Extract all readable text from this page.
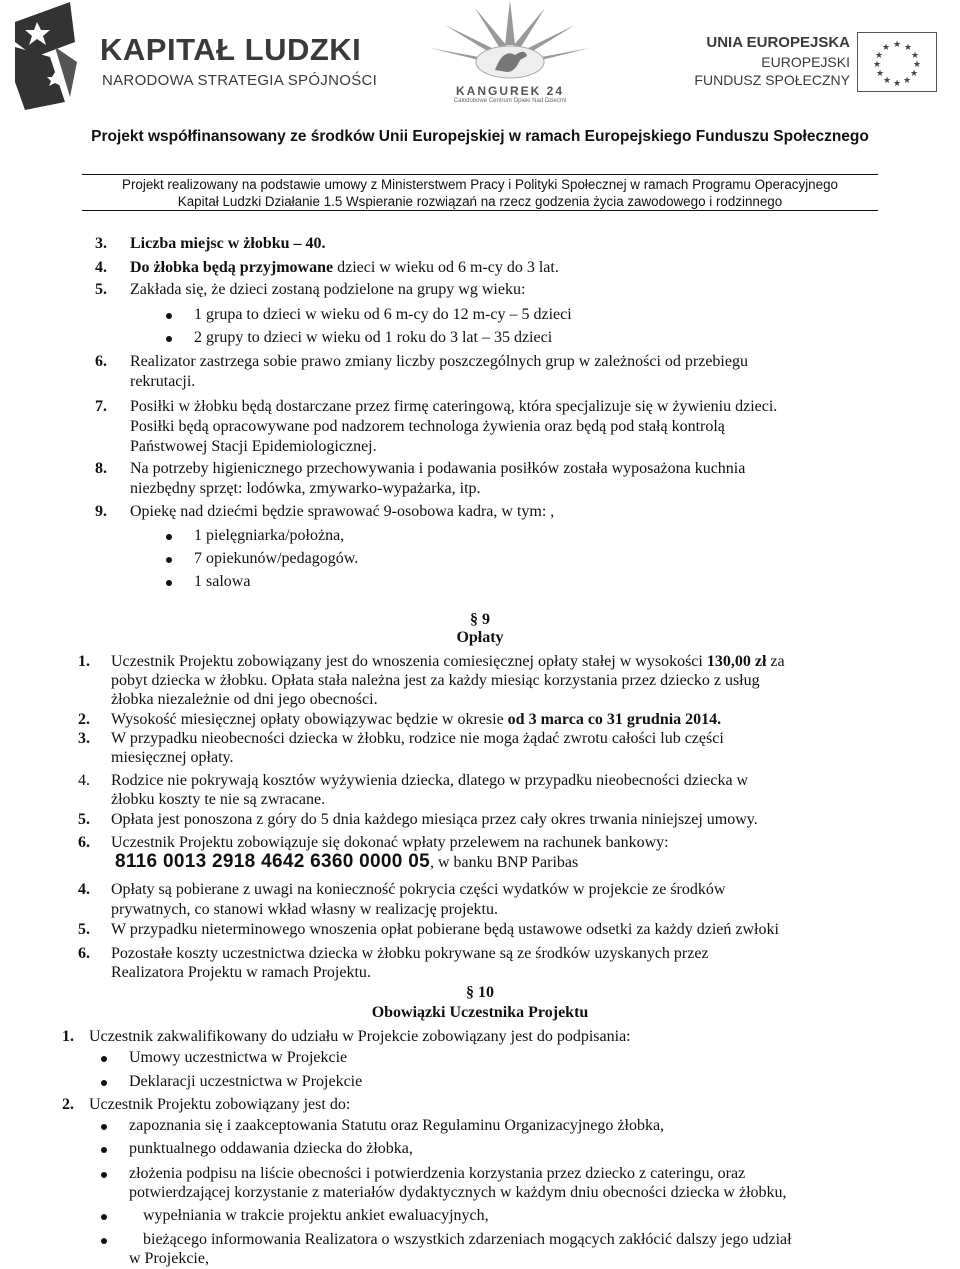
KAPITAŁ LUDZKI
NARODOWA STRATEGIA SPÓJNOŚCI
KANGUREK 24
Całodobowe Centrum Opieki Nad Dziećmi
UNIA EUROPEJSKA
EUROPEJSKI
FUNDUSZ SPOŁECZNY
★ ★
★
★
★
★
★
★
★
★
★
★
Projekt współfinansowany ze środków Unii Europejskiej w ramach Europejskiego Funduszu Społecznego
Projekt realizowany na podstawie umowy z Ministerstwem Pracy i Polityki Społecznej w ramach Programu Operacyjnego
Kapitał Ludzki Działanie 1.5 Wspieranie rozwiązań na rzecz godzenia życia zawodowego i rodzinnego
3. Liczba miejsc w żłobku – 40.
4. Do żłobka będą przyjmowane dzieci w wieku od 6 m-cy do 3 lat.
5. Zakłada się, że dzieci zostaną podzielone na grupy wg wieku:
1 grupa to dzieci w wieku od 6 m-cy do 12 m-cy – 5 dzieci
2 grupy to dzieci w wieku od 1 roku do 3 lat – 35 dzieci
6. Realizator zastrzega sobie prawo zmiany liczby poszczególnych grup w zależności od przebiegu
rekrutacji.
7. Posiłki w żłobku będą dostarczane przez firmę cateringową, która specjalizuje się w żywieniu dzieci.
Posiłki będą opracowywane pod nadzorem technologa żywienia oraz będą pod stałą kontrolą
Państwowej Stacji Epidemiologicznej.
8. Na potrzeby higienicznego przechowywania i podawania posiłków została wyposażona kuchnia
niezbędny sprzęt: lodówka, zmywarko-wypażarka, itp.
9. Opiekę nad dziećmi będzie sprawować 9-osobowa kadra, w tym: ,
1 pielęgniarka/położna,
7 opiekunów/pedagogów.
1 salowa
§ 9
Opłaty
1. Uczestnik Projektu zobowiązany jest do wnoszenia comiesięcznej opłaty stałej w wysokości 130,00 zł za
pobyt dziecka w żłobku. Opłata stała należna jest za każdy miesiąc korzystania przez dziecko z usług
żłobka niezależnie od dni jego obecności.
2. Wysokość miesięcznej opłaty obowiązywac będzie w okresie od 3 marca co 31 grudnia 2014.
3. W przypadku nieobecności dziecka w żłobku, rodzice nie moga żądać zwrotu całości lub części
miesięcznej opłaty.
4. Rodzice nie pokrywają kosztów wyżywienia dziecka, dlatego w przypadku nieobecności dziecka w
żłobku koszty te nie są zwracane.
5. Opłata jest ponoszona z góry do 5 dnia każdego miesiąca przez cały okres trwania niniejszej umowy.
6. Uczestnik Projektu zobowiązuje się dokonać wpłaty przelewem na rachunek bankowy:
8116 0013 2918 4642 6360 0000 05, w banku BNP Paribas
4. Opłaty są pobierane z uwagi na konieczność pokrycia części wydatków w projekcie ze środków
prywatnych, co stanowi wkład własny w realizację projektu.
5. W przypadku nieterminowego wnoszenia opłat pobierane będą ustawowe odsetki za każdy dzień zwłoki
6. Pozostałe koszty uczestnictwa dziecka w żłobku pokrywane są ze środków uzyskanych przez
Realizatora Projektu w ramach Projektu.
§ 10
Obowiązki Uczestnika Projektu
1. Uczestnik zakwalifikowany do udziału w Projekcie zobowiązany jest do podpisania:
Umowy uczestnictwa w Projekcie
Deklaracji uczestnictwa w Projekcie
2. Uczestnik Projektu zobowiązany jest do:
zapoznania się i zaakceptowania Statutu oraz Regulaminu Organizacyjnego żłobka,
punktualnego oddawania dziecka do żłobka,
złożenia podpisu na liście obecności i potwierdzenia korzystania przez dziecko z cateringu, oraz
potwierdzającej korzystanie z materiałów dydaktycznych w każdym dniu obecności dziecka w żłobku,
wypełniania w trakcie projektu ankiet ewaluacyjnych,
bieżącego informowania Realizatora o wszystkich zdarzeniach mogących zakłócić dalszy jego udział
w Projekcie,
